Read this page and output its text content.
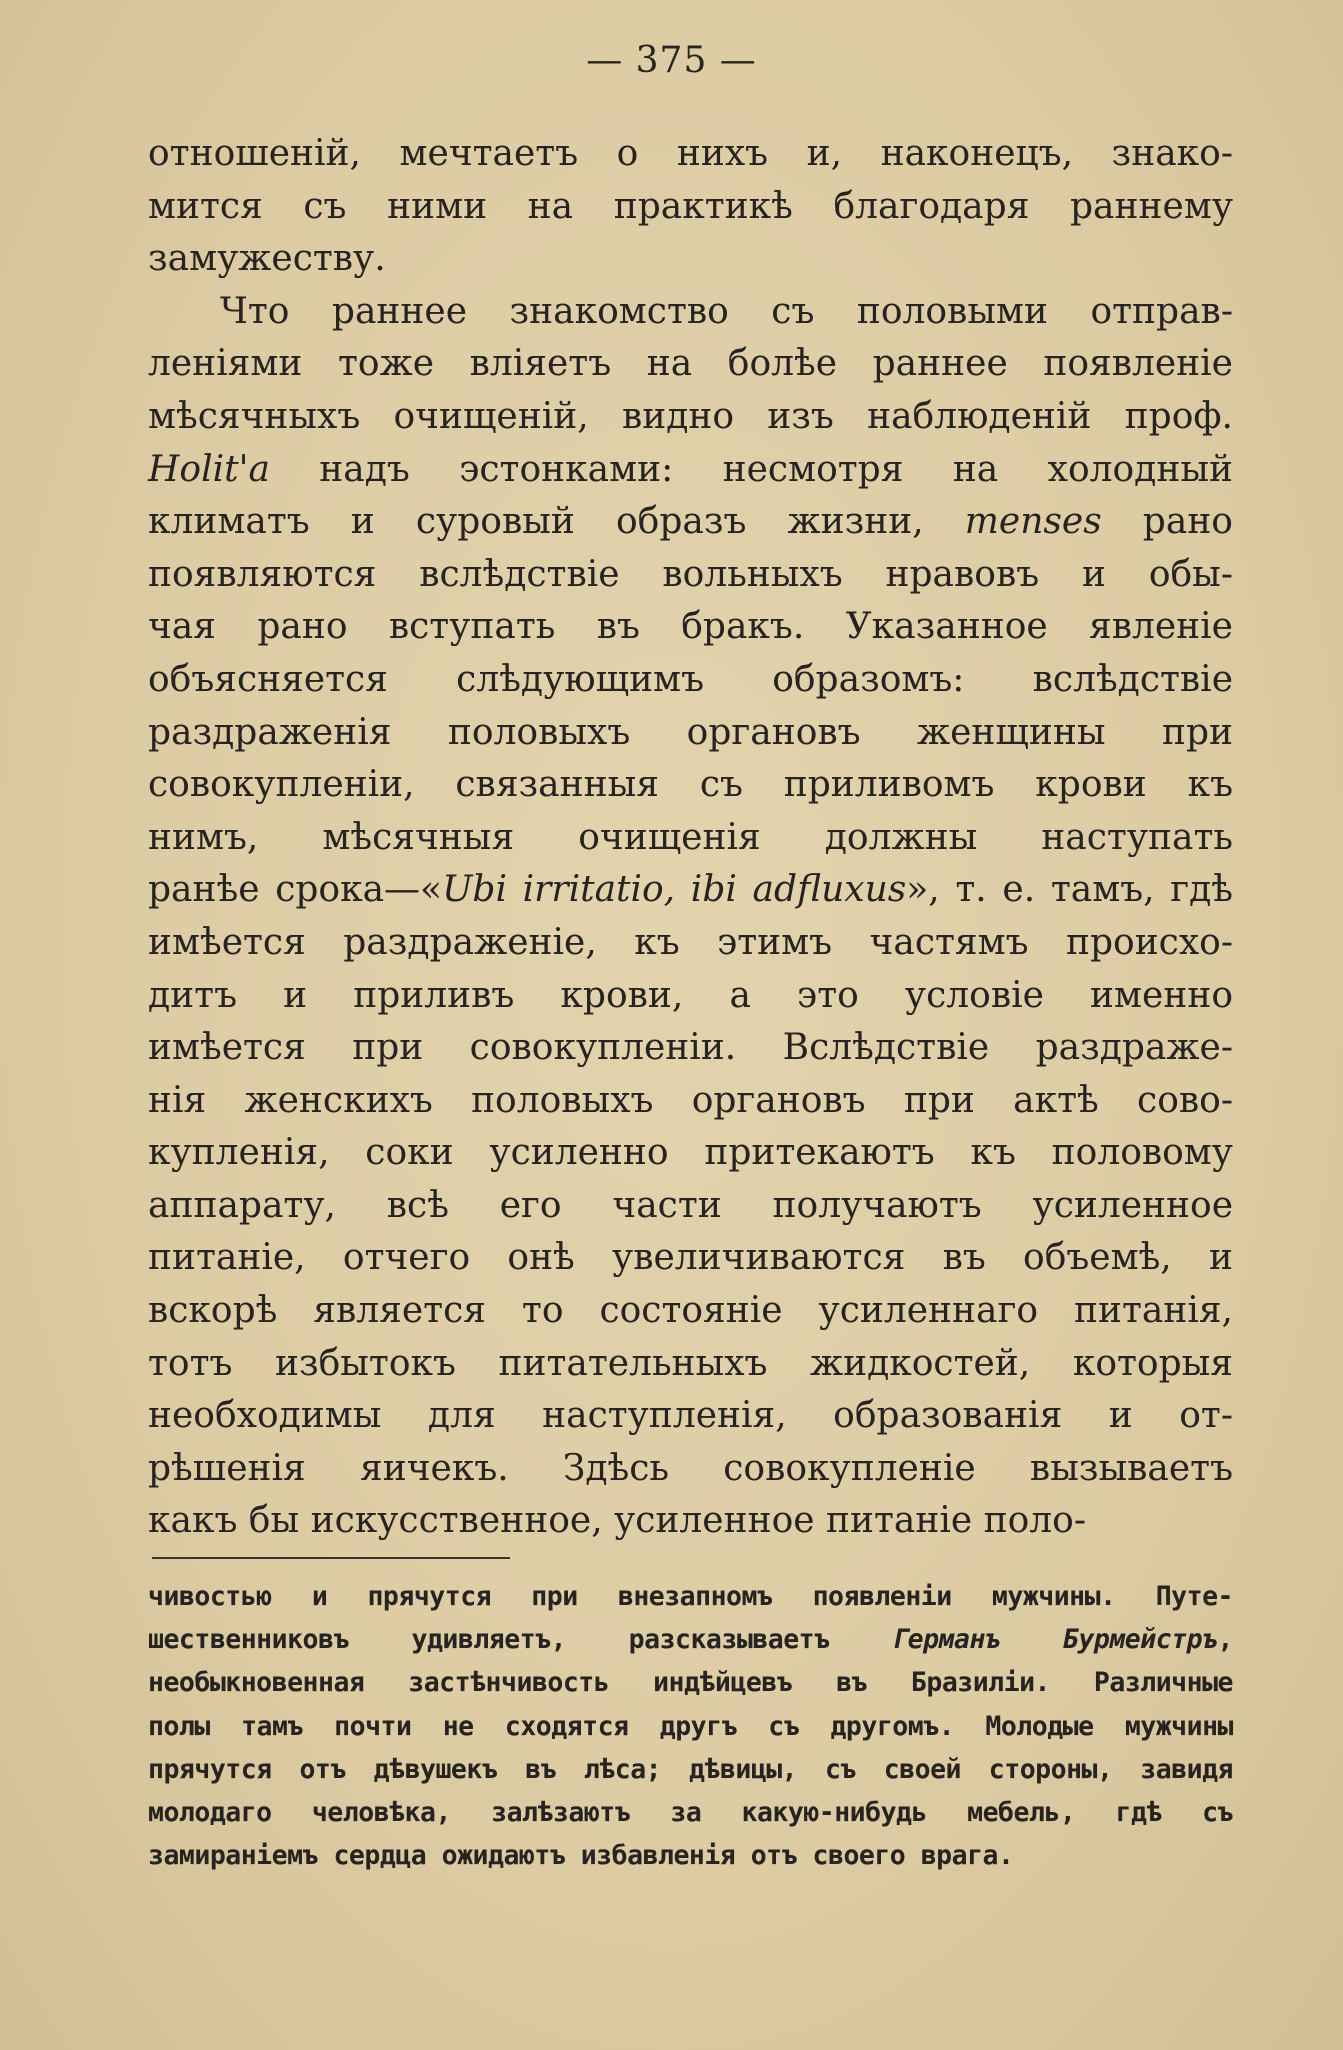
— 375 —
отношеній, мечтаетъ о нихъ и, наконецъ, знако-
мится съ ними на практикѣ благодаря раннему
замужеству.
Что раннее знакомство съ половыми отправ-
леніями тоже вліяетъ на болѣе раннее появленіе
мѣсячныхъ очищеній, видно изъ наблюденій проф.
Holit'a надъ эстонками: несмотря на холодный
климатъ и суровый образъ жизни, menses рано
появляются вслѣдствіе вольныхъ нравовъ и обы-
чая рано вступать въ бракъ. Указанное явленіе
объясняется слѣдующимъ образомъ: вслѣдствіе
раздраженія половыхъ органовъ женщины при
совокупленіи, связанныя съ приливомъ крови къ
нимъ, мѣсячныя очищенія должны наступать
ранѣе срока—«Ubi irritatio, ibi adfluxus», т. е. тамъ, гдѣ
имѣется раздраженіе, къ этимъ частямъ происхо-
дитъ и приливъ крови, а это условіе именно
имѣется при совокупленіи. Вслѣдствіе раздраже-
нія женскихъ половыхъ органовъ при актѣ сово-
купленія, соки усиленно притекаютъ къ половому
аппарату, всѣ его части получаютъ усиленное
питаніе, отчего онѣ увеличиваются въ объемѣ, и
вскорѣ является то состояніе усиленнаго питанія,
тотъ избытокъ питательныхъ жидкостей, которыя
необходимы для наступленія, образованія и от-
рѣшенія яичекъ. Здѣсь совокупленіе вызываетъ
какъ бы искусственное, усиленное питаніе поло-
чивостью и прячутся при внезапномъ появленіи мужчины. Путе-
шественниковъ удивляетъ, разсказываетъ Германъ Бурмейстръ,
необыкновенная застѣнчивость индѣйцевъ въ Бразиліи. Различные
полы тамъ почти не сходятся другъ съ другомъ. Молодые мужчины
прячутся отъ дѣвушекъ въ лѣса; дѣвицы, съ своей стороны, завидя
молодаго человѣка, залѣзаютъ за какую-нибудь мебель, гдѣ съ
замираніемъ сердца ожидаютъ избавленія отъ своего врага.
